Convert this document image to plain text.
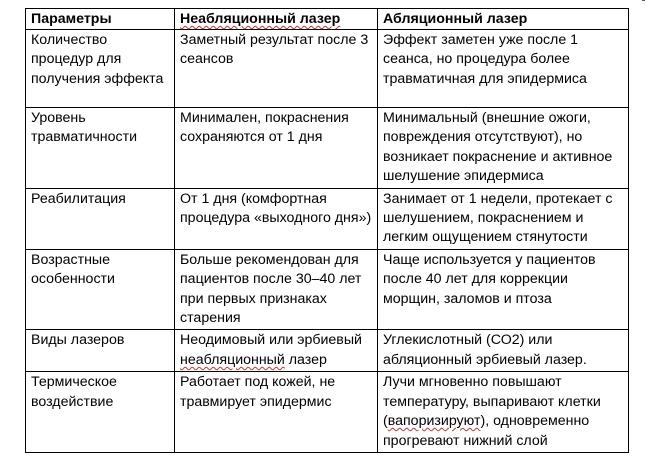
Параметры	Неабляционный лазер	Абляционный лазер
Количество процедур для получения эффекта	Заметный результат после 3 сеансов	Эффект заметен уже после 1 сеанса, но процедура более травматичная для эпидермиса
Уровень травматичности	Минимален, покраснения сохраняются от 1 дня	Минимальный (внешние ожоги, повреждения отсутствуют), но возникает покраснение и активное шелушение эпидермиса
Реабилитация	От 1 дня (комфортная процедура «выходного дня»)	Занимает от 1 недели, протекает с шелушением, покраснением и легким ощущением стянутости
Возрастные особенности	Больше рекомендован для пациентов после 30–40 лет при первых признаках старения	Чаще используется у пациентов после 40 лет для коррекции морщин, заломов и птоза
Виды лазеров	Неодимовый или эрбиевый неабляционный лазер	Углекислотный (СО2) или абляционный эрбиевый лазер.
Термическое воздействие	Работает под кожей, не травмирует эпидермис	Лучи мгновенно повышают температуру, выпаривают клетки (вапоризируют), одновременно прогревают нижний слой
